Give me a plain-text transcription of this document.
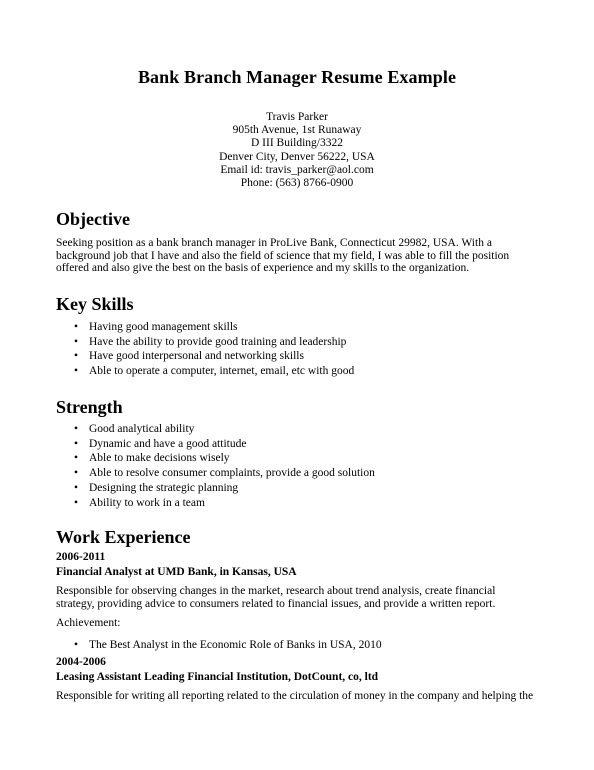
Bank Branch Manager Resume Example
Travis Parker
905th Avenue, 1st Runaway
D III Building/3322
Denver City, Denver 56222, USA
Email id: travis_parker@aol.com
Phone: (563) 8766-0900
Objective
Seeking position as a bank branch manager in ProLive Bank, Connecticut 29982, USA. With a
background job that I have and also the field of science that my field, I was able to fill the position
offered and also give the best on the basis of experience and my skills to the organization.
Key Skills
• Having good management skills
• Have the ability to provide good training and leadership
• Have good interpersonal and networking skills
• Able to operate a computer, internet, email, etc with good
Strength
• Good analytical ability
• Dynamic and have a good attitude
• Able to make decisions wisely
• Able to resolve consumer complaints, provide a good solution
• Designing the strategic planning
• Ability to work in a team
Work Experience
2006-2011
Financial Analyst at UMD Bank, in Kansas, USA
Responsible for observing changes in the market, research about trend analysis, create financial
strategy, providing advice to consumers related to financial issues, and provide a written report.
Achievement:
• The Best Analyst in the Economic Role of Banks in USA, 2010
2004-2006
Leasing Assistant Leading Financial Institution, DotCount, co, ltd
Responsible for writing all reporting related to the circulation of money in the company and helping the
